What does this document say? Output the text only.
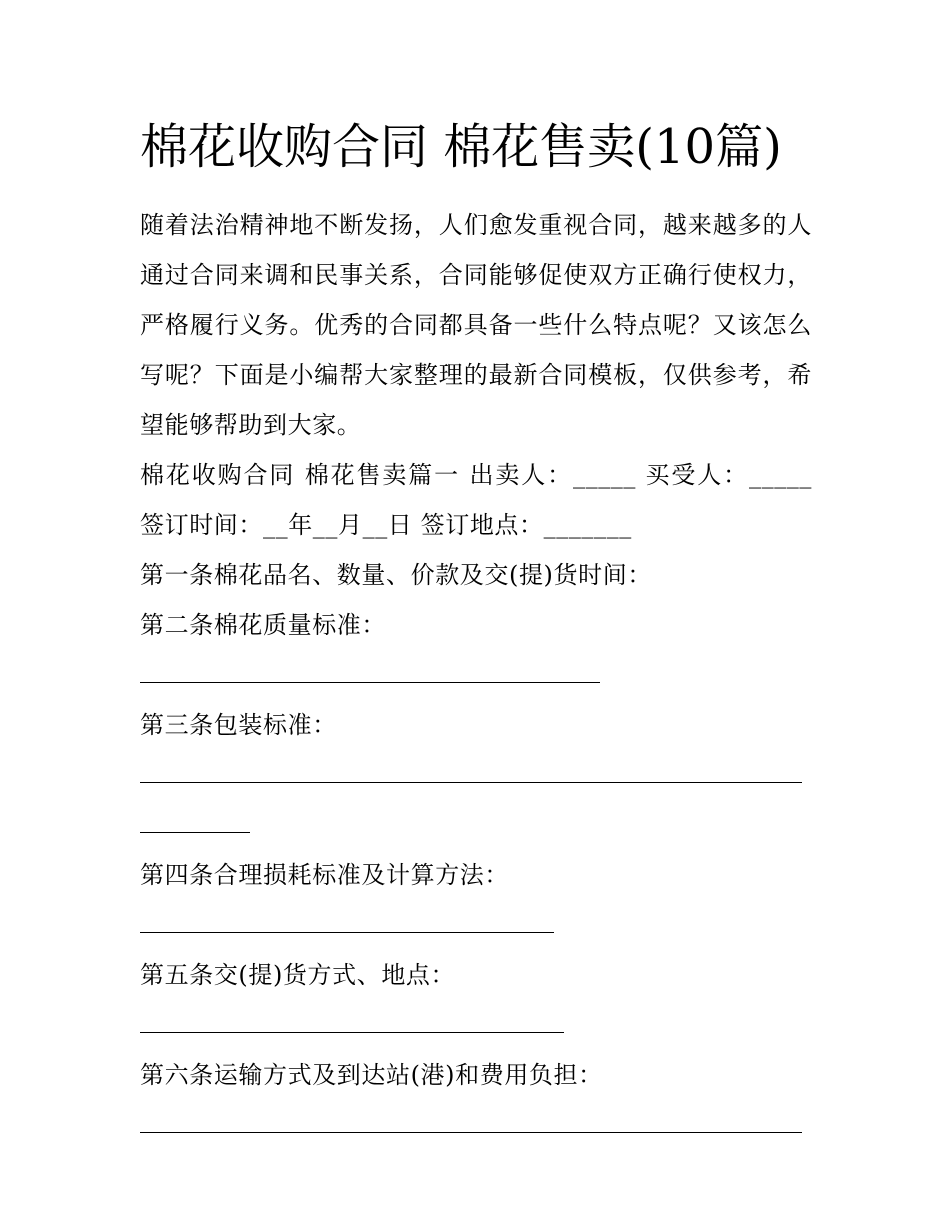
棉花收购合同 棉花售卖(10篇)

随着法治精神地不断发扬，人们愈发重视合同，越来越多的人通过合同来调和民事关系，合同能够促使双方正确行使权力，严格履行义务。优秀的合同都具备一些什么特点呢？又该怎么写呢？下面是小编帮大家整理的最新合同模板，仅供参考，希望能够帮助到大家。

棉花收购合同 棉花售卖篇一 出卖人：_____ 买受人：_____ 签订时间：__年__月__日 签订地点：_______

第一条棉花品名、数量、价款及交(提)货时间：

第二条棉花质量标准：

第三条包装标准：

第四条合理损耗标准及计算方法：

第五条交(提)货方式、地点：

第六条运输方式及到达站(港)和费用负担：
